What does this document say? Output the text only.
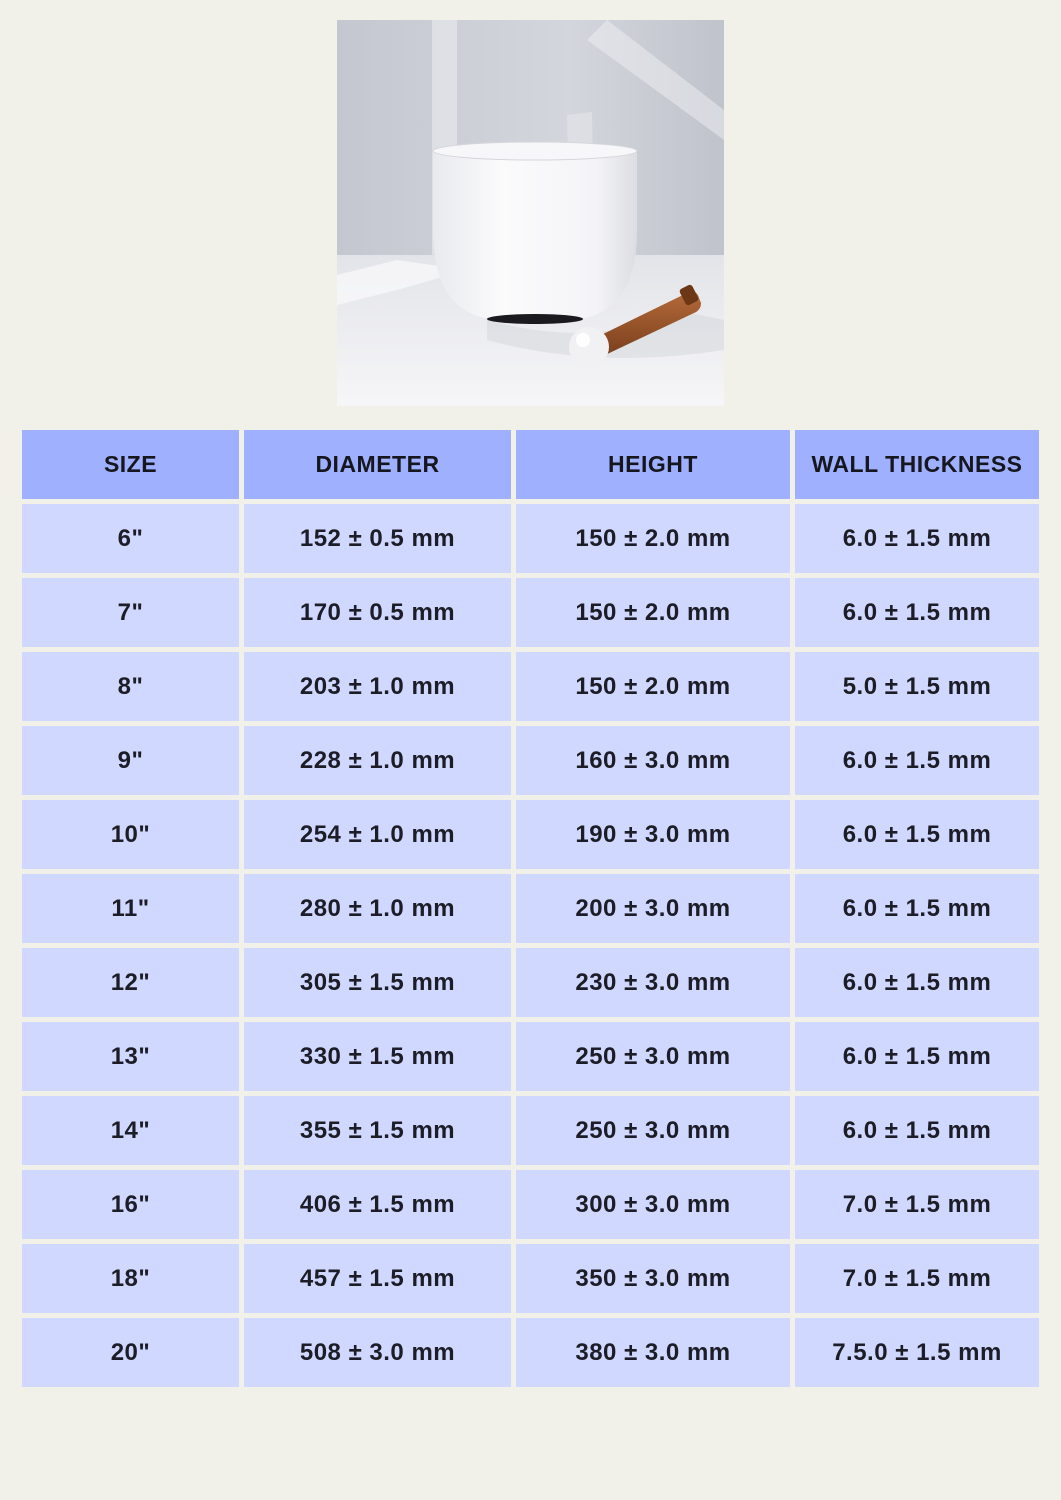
SIZE	DIAMETER	HEIGHT	WALL THICKNESS
6"	152 ± 0.5 mm	150 ± 2.0 mm	6.0 ± 1.5 mm
7"	170 ± 0.5 mm	150 ± 2.0 mm	6.0 ± 1.5 mm
8"	203 ± 1.0 mm	150 ± 2.0 mm	5.0 ± 1.5 mm
9"	228 ± 1.0 mm	160 ± 3.0 mm	6.0 ± 1.5 mm
10"	254 ± 1.0 mm	190 ± 3.0 mm	6.0 ± 1.5 mm
11"	280 ± 1.0 mm	200 ± 3.0 mm	6.0 ± 1.5 mm
12"	305 ± 1.5 mm	230 ± 3.0 mm	6.0 ± 1.5 mm
13"	330 ± 1.5 mm	250 ± 3.0 mm	6.0 ± 1.5 mm
14"	355 ± 1.5 mm	250 ± 3.0 mm	6.0 ± 1.5 mm
16"	406 ± 1.5 mm	300 ± 3.0 mm	7.0 ± 1.5 mm
18"	457 ± 1.5 mm	350 ± 3.0 mm	7.0 ± 1.5 mm
20"	508 ± 3.0 mm	380 ± 3.0 mm	7.5.0 ± 1.5 mm
